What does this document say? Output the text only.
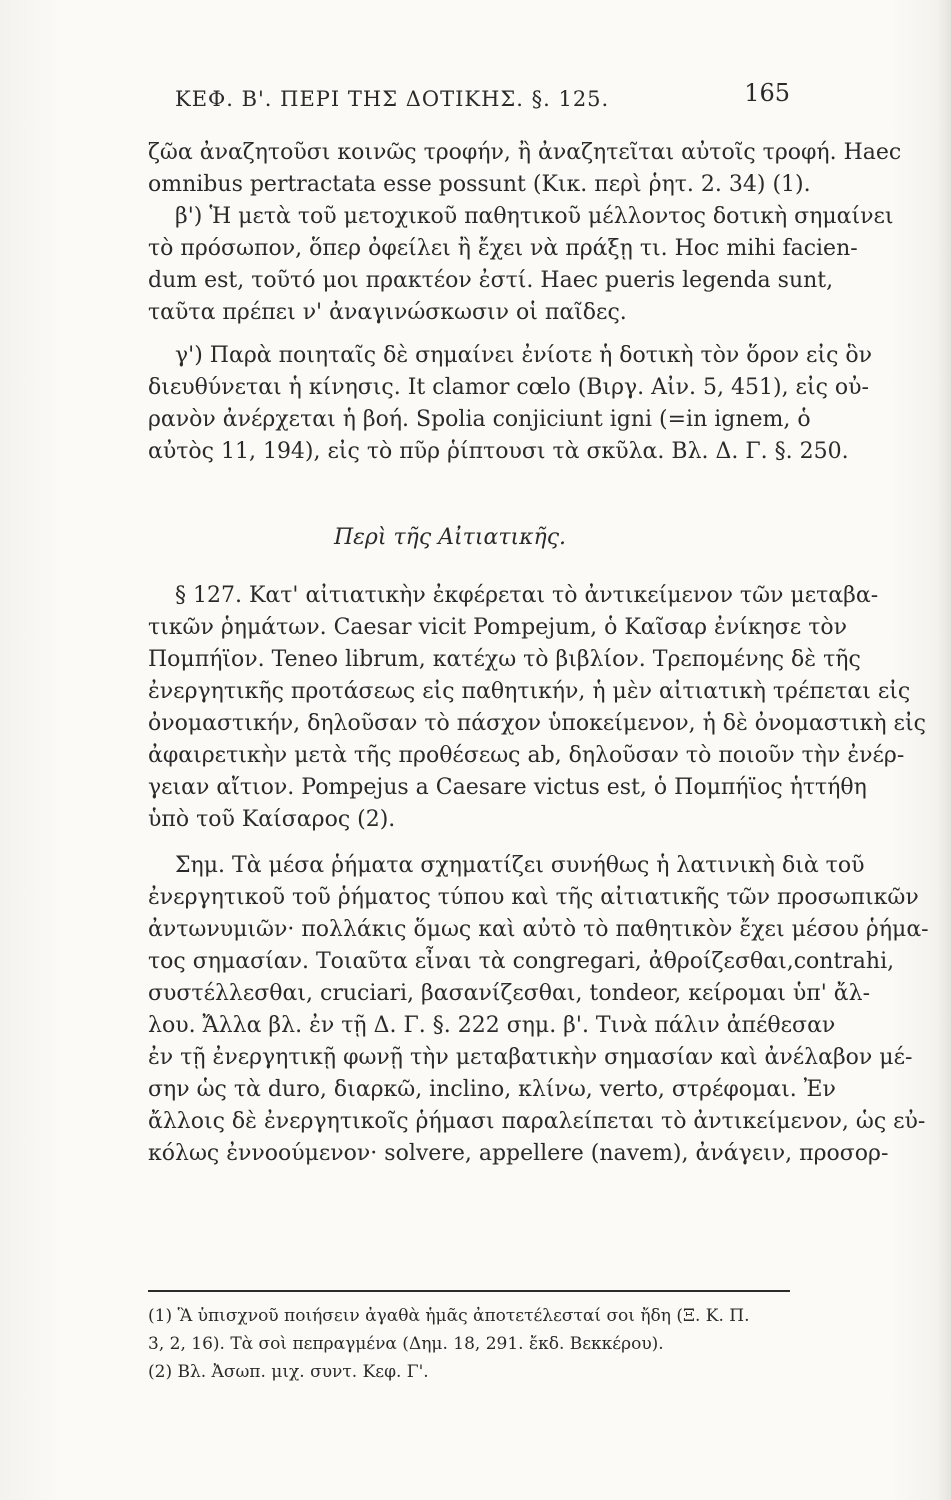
ΚΕΦ. Β'. ΠΕΡΙ ΤΗΣ ΔΟΤΙΚΗΣ. §. 125.	165
ζῶα ἀναζητοῦσι κοινῶς τροφήν, ἢ ἀναζητεῖται αὐτοῖς τροφή. Haec
omnibus pertractata esse possunt (Κικ. περὶ ῥητ. 2. 34) (1).
β') Ἡ μετὰ τοῦ μετοχικοῦ παθητικοῦ μέλλοντος δοτικὴ σημαίνει
τὸ πρόσωπον, ὅπερ ὀφείλει ἢ ἔχει νὰ πράξῃ τι. Hoc mihi facien-
dum est, τοῦτό μοι πρακτέον ἐστί. Haec pueris legenda sunt,
ταῦτα πρέπει ν' ἀναγινώσκωσιν οἱ παῖδες.
γ') Παρὰ ποιηταῖς δὲ σημαίνει ἐνίοτε ἡ δοτικὴ τὸν ὅρον εἰς ὃν
διευθύνεται ἡ κίνησις. It clamor cœlo (Βιργ. Αἰν. 5, 451), εἰς οὐ-
ρανὸν ἀνέρχεται ἡ βοή. Spolia conjiciunt igni (=in ignem, ὁ
αὐτὸς 11, 194), εἰς τὸ πῦρ ῥίπτουσι τὰ σκῦλα. Βλ. Δ. Γ. §. 250.
Περὶ τῆς Αἰτιατικῆς.
§ 127. Κατ' αἰτιατικὴν ἐκφέρεται τὸ ἀντικείμενον τῶν μεταβα-
τικῶν ῥημάτων. Caesar vicit Pompejum, ὁ Καῖσαρ ἐνίκησε τὸν
Πομπήϊον. Teneo librum, κατέχω τὸ βιβλίον. Τρεπομένης δὲ τῆς
ἐνεργητικῆς προτάσεως εἰς παθητικήν, ἡ μὲν αἰτιατικὴ τρέπεται εἰς
ὀνομαστικήν, δηλοῦσαν τὸ πάσχον ὑποκείμενον, ἡ δὲ ὀνομαστικὴ εἰς
ἀφαιρετικὴν μετὰ τῆς προθέσεως ab, δηλοῦσαν τὸ ποιοῦν τὴν ἐνέρ-
γειαν αἴτιον. Pompejus a Caesare victus est, ὁ Πομπήϊος ἡττήθη
ὑπὸ τοῦ Καίσαρος (2).
Σημ. Τὰ μέσα ῥήματα σχηματίζει συνήθως ἡ λατινικὴ διὰ τοῦ
ἐνεργητικοῦ τοῦ ῥήματος τύπου καὶ τῆς αἰτιατικῆς τῶν προσωπικῶν
ἀντωνυμιῶν· πολλάκις ὅμως καὶ αὐτὸ τὸ παθητικὸν ἔχει μέσου ῥήμα-
τος σημασίαν. Τοιαῦτα εἶναι τὰ congregari, ἀθροίζεσθαι,contrahi,
συστέλλεσθαι, cruciari, βασανίζεσθαι, tondeor, κείρομαι ὑπ' ἄλ-
λου. Ἄλλα βλ. ἐν τῇ Δ. Γ. §. 222 σημ. β'. Τινὰ πάλιν ἀπέθεσαν
ἐν τῇ ἐνεργητικῇ φωνῇ τὴν μεταβατικὴν σημασίαν καὶ ἀνέλαβον μέ-
σην ὡς τὰ duro, διαρκῶ, inclino, κλίνω, verto, στρέφομαι. Ἐν
ἄλλοις δὲ ἐνεργητικοῖς ῥήμασι παραλείπεται τὸ ἀντικείμενον, ὡς εὐ-
κόλως ἐννοούμενον· solvere, appellere (navem), ἀνάγειν, προσορ-
(1) Ἃ ὑπισχνοῦ ποιήσειν ἀγαθὰ ἡμᾶς ἀποτετέλεσταί σοι ἤδη (Ξ. Κ. Π.
3, 2, 16). Τὰ σοὶ πεπραγμένα (Δημ. 18, 291. ἔκδ. Βεκκέρου).
(2) Βλ. Ἀσωπ. μιχ. συντ. Κεφ. Γ'.
